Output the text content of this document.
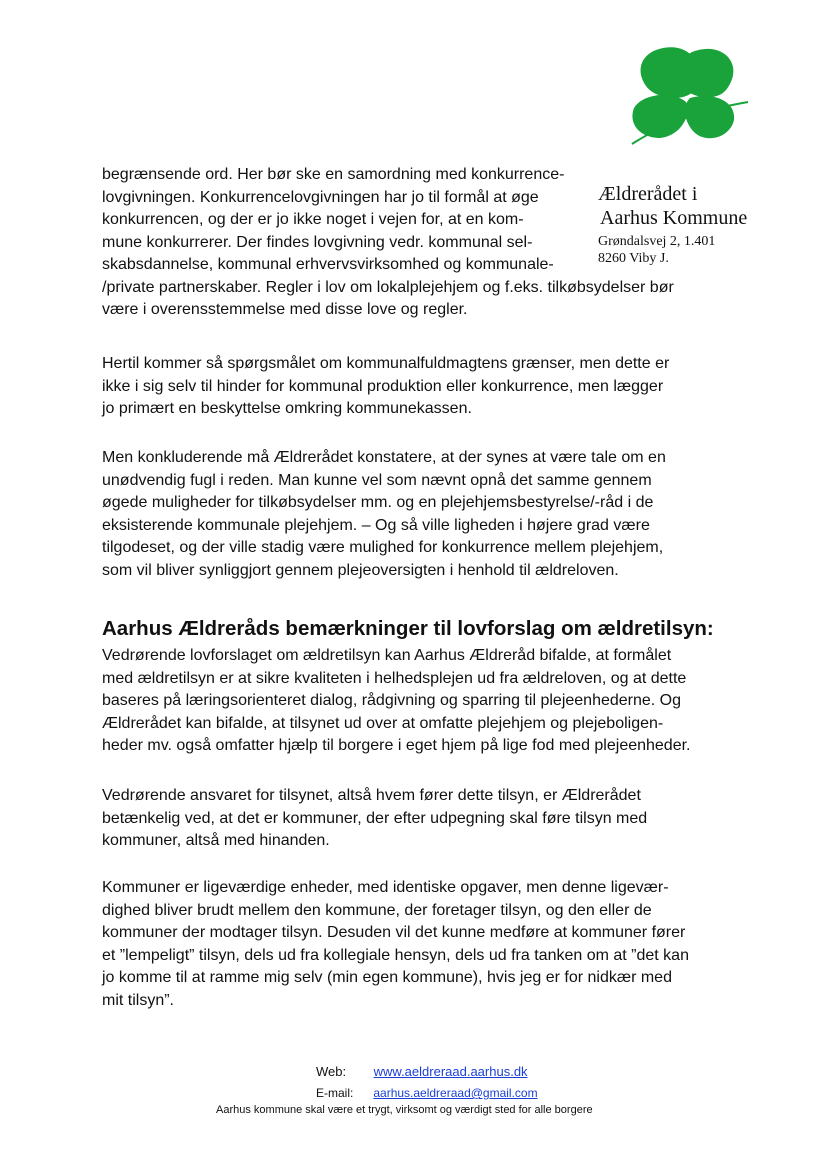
Ældrerådet i
Aarhus Kommune
Grøndalsvej 2, 1.401
8260 Viby J.

begrænsende ord. Her bør ske en samordning med konkurrence-
lovgivningen. Konkurrencelovgivningen har jo til formål at øge
konkurrencen, og der er jo ikke noget i vejen for, at en kom-
mune konkurrerer. Der findes lovgivning vedr. kommunal sel-
skabsdannelse, kommunal erhvervsvirksomhed og kommunale-
/private partnerskaber. Regler i lov om lokalplejehjem og f.eks. tilkøbsydelser bør
være i overensstemmelse med disse love og regler.

Hertil kommer så spørgsmålet om kommunalfuldmagtens grænser, men dette er
ikke i sig selv til hinder for kommunal produktion eller konkurrence, men lægger
jo primært en beskyttelse omkring kommunekassen.

Men konkluderende må Ældrerådet konstatere, at der synes at være tale om en
unødvendig fugl i reden. Man kunne vel som nævnt opnå det samme gennem
øgede muligheder for tilkøbsydelser mm. og en plejehjemsbestyrelse/-råd i de
eksisterende kommunale plejehjem. – Og så ville ligheden i højere grad være
tilgodeset, og der ville stadig være mulighed for konkurrence mellem plejehjem,
som vil bliver synliggjort gennem plejeoversigten i henhold til ældreloven.

Aarhus Ældreråds bemærkninger til lovforslag om ældretilsyn:

Vedrørende lovforslaget om ældretilsyn kan Aarhus Ældreråd bifalde, at formålet
med ældretilsyn er at sikre kvaliteten i helhedsplejen ud fra ældreloven, og at dette
baseres på læringsorienteret dialog, rådgivning og sparring til plejeenhederne. Og
Ældrerådet kan bifalde, at tilsynet ud over at omfatte plejehjem og plejeboligen-
heder mv. også omfatter hjælp til borgere i eget hjem på lige fod med plejeenheder.

Vedrørende ansvaret for tilsynet, altså hvem fører dette tilsyn, er Ældrerådet
betænkelig ved, at det er kommuner, der efter udpegning skal føre tilsyn med
kommuner, altså med hinanden.

Kommuner er ligeværdige enheder, med identiske opgaver, men denne ligevær-
dighed bliver brudt mellem den kommune, der foretager tilsyn, og den eller de
kommuner der modtager tilsyn. Desuden vil det kunne medføre at kommuner fører
et ”lempeligt” tilsyn, dels ud fra kollegiale hensyn, dels ud fra tanken om at ”det kan
jo komme til at ramme mig selv (min egen kommune), hvis jeg er for nidkær med
mit tilsyn”.

Web: www.aeldreraad.aarhus.dk
E-mail: aarhus.aeldreraad@gmail.com
Aarhus kommune skal være et trygt, virksomt og værdigt sted for alle borgere
